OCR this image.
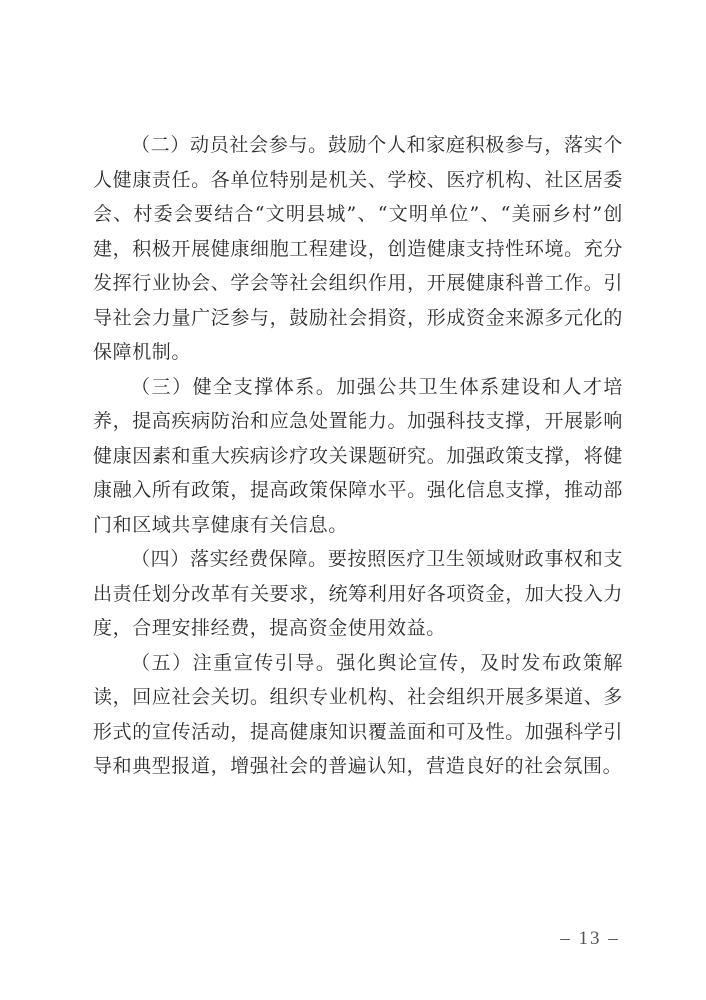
（二）动员社会参与。鼓励个人和家庭积极参与，落实个人健康责任。各单位特别是机关、学校、医疗机构、社区居委会、村委会要结合“文明县城”、“文明单位”、“美丽乡村”创建，积极开展健康细胞工程建设，创造健康支持性环境。充分发挥行业协会、学会等社会组织作用，开展健康科普工作。引导社会力量广泛参与，鼓励社会捐资，形成资金来源多元化的保障机制。

（三）健全支撑体系。加强公共卫生体系建设和人才培养，提高疾病防治和应急处置能力。加强科技支撑，开展影响健康因素和重大疾病诊疗攻关课题研究。加强政策支撑，将健康融入所有政策，提高政策保障水平。强化信息支撑，推动部门和区域共享健康有关信息。

（四）落实经费保障。要按照医疗卫生领域财政事权和支出责任划分改革有关要求，统筹利用好各项资金，加大投入力度，合理安排经费，提高资金使用效益。

（五）注重宣传引导。强化舆论宣传，及时发布政策解读，回应社会关切。组织专业机构、社会组织开展多渠道、多形式的宣传活动，提高健康知识覆盖面和可及性。加强科学引导和典型报道，增强社会的普遍认知，营造良好的社会氛围。

– 13 –
